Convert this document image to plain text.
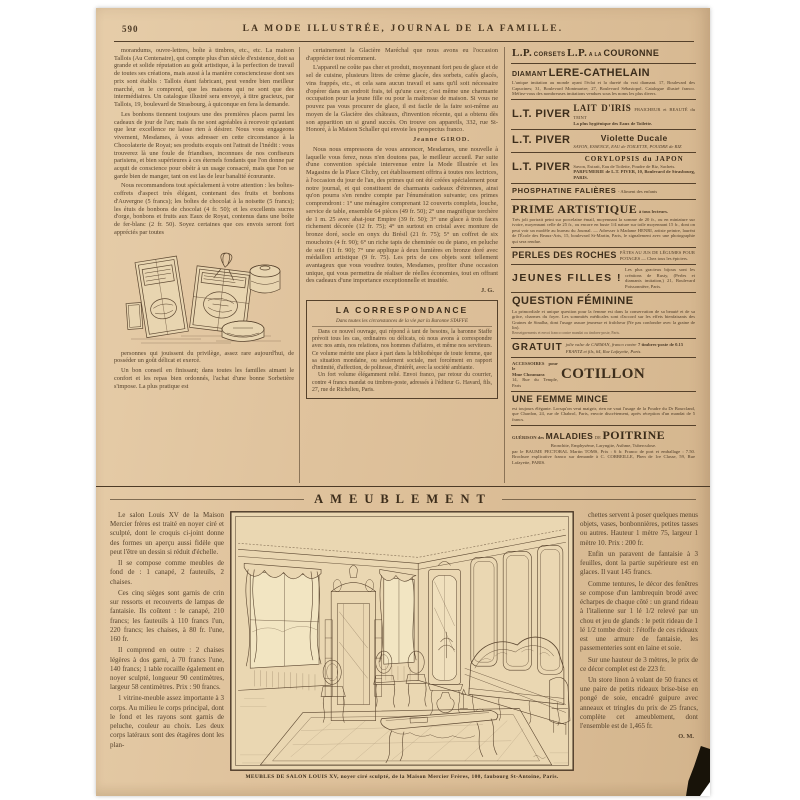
590	LA MODE ILLUSTRÉE, JOURNAL DE LA FAMILLE.

morandums, ouvre-lettres, boîte à timbres, etc., etc. La maison Tallois (Au Centenaire), qui compte plus d'un siècle d'existence, doit sa grande et solide réputation au goût artistique, à la perfection de travail de toutes ses créations, mais aussi à la manière consciencieuse dont ses prix sont établis : Tallois étant fabricant, peut vendre bien meilleur marché, on le comprend, que les maisons qui ne sont que des intermédiaires. Un catalogue illustré sera envoyé, à titre gracieux, par Tallois, 19, boulevard de Strasbourg, à quiconque en fera la demande.

Les bonbons tiennent toujours une des premières places parmi les cadeaux de jour de l'an; mais ils ne sont agréables à recevoir qu'autant que leur excellence ne laisse rien à désirer. Nous vous engageons vivement, Mesdames, à vous adresser en cette circonstance à la Chocolaterie de Royat; ses produits exquis ont l'attrait de l'inédit : vous trouverez là une foule de friandises, inconnues de nos confiseurs parisiens, et bien supérieures à ces éternels fondants que l'on donne par acquit de conscience pour obéir à un usage consacré, mais que l'on se garde bien de manger, tant on est las de leur banalité écœurante.

Nous recommandons tout spécialement à votre attention : les boîtes-coffrets d'aspect très élégant, contenant des fruits et bonbons d'Auvergne (5 francs); les boîtes de chocolat à la noisette (5 francs); les étuis de bonbons de chocolat (4 fr. 50); et les excellents sucres d'orge, bonbons et fruits aux Eaux de Royat, contenus dans une boîte de fer-blanc (2 fr. 50). Soyez certaines que ces envois seront fort appréciés par toutes

personnes qui jouissent du privilège, assez rare aujourd'hui, de posséder un goût délicat et exercé.

Un bon conseil en finissant; dans toutes les familles aimant le confort et les repas bien ordonnés, l'achat d'une bonne Sorbetière s'impose. La plus pratique est

certainement la Glacière Maréchal que nous avons eu l'occasion d'apprécier tout récemment.

L'appareil ne coûte pas cher et produit, moyennant fort peu de glace et de sel de cuisine, plusieurs litres de crème glacée, des sorbets, cafés glacés, vins frappés, etc., et cela sans aucun travail et sans qu'il soit nécessaire d'opérer dans un endroit frais, tel qu'une cave; c'est même une charmante occupation pour la jeune fille ou pour la maîtresse de maison. Si vous ne pouvez pas vous procurer de glace, il est facile de la faire soi-même au moyen de la Glacière des châteaux, d'invention récente, qui a obtenu dès son apparition un si grand succès. On trouve ces appareils, 332, rue St-Honoré, à la Maison Schaller qui envoie les prospectus franco.

Jeanne GIROD.

Nous nous empressons de vous annoncer, Mesdames, une nouvelle à laquelle vous ferez, nous n'en doutons pas, le meilleur accueil. Par suite d'une convention spéciale intervenue entre la Mode Illustrée et les Magasins de la Place Clichy, cet établissement offrira à toutes nos lectrices, à l'occasion du jour de l'an, des primes qui ont été créées spécialement pour notre journal, et qui constituent de charmants cadeaux d'étrennes, ainsi qu'on pourra s'en rendre compte par l'énumération suivante; ces primes comprendront : 1° une ménagère comprenant 12 couverts complets, louche, service de table, ensemble 64 pièces (49 fr. 50); 2° une magnifique torchère de 1 m. 25 avec abat-jour Empire (39 fr. 50); 3° une glace à trois faces richement décorée (12 fr. 75); 4° un surtout en cristal avec monture de bronze doré, socle en onyx du Brésil (21 fr. 75); 5° un coffret de six mouchoirs (4 fr. 90); 6° un riche tapis de cheminée ou de piano, en peluche de soie (11 fr. 90); 7° une applique à deux lumières en bronze doré avec médaillon artistique (9 fr. 75). Les prix de ces objets sont tellement avantageux que vous voudrez toutes, Mesdames, profiter d'une occasion unique, qui vous permettra de réaliser de réelles économies, tout en offrant des cadeaux d'une importance exceptionnelle et inusitée.

J. G.

LA CORRESPONDANCE
Dans toutes les circonstances de la vie par la Baronne STAFFE

Dans ce nouvel ouvrage, qui répond à tant de besoins, la baronne Staffe prévoit tous les cas, ordinaires ou délicats, où nous avons à correspondre avec nos amis, nos relations, nos hommes d'affaires, et même nos serviteurs. Ce volume mérite une place à part dans la bibliothèque de toute femme, que sa situation mondaine, ou seulement sociale, met forcément en rapport d'intimité, d'affection, de politesse, d'intérêt, avec la société ambiante.

Un fort volume élégamment relié. Envoi franco, par retour du courrier, contre 4 francs mandat ou timbres-poste, adressés à l'éditeur G. Havard, fils, 27, rue de Richelieu, Paris.

L.P. CORSETS L.P. A LA COURONNE
DIAMANT LERE-CATHELAIN
L'unique imitation au monde ayant l'éclat et la dureté du vrai diamant. 17, Boulevard des Capucines; 31, Boulevard Montmartre; 27, Boulevard Sébastopol. Catalogue illustré franco. Méfiez-vous des nombreuses imitations vendues sous les noms les plus divers.
L.T. PIVER
LAIT D'IRIS FRAICHEUR et BEAUTÉ du TEINT
La plus hygiénique des Eaux de Toilette.
L.T. PIVER	Violette Ducale
SAVON, ESSENCE, EAU de TOILETTE, POUDRE de RIZ
L.T. PIVER
CORYLOPSIS du JAPON
Savon, Extrait, Eau de Toilette, Poudre de Riz, Sachets.
PARFUMERIE de L.T. PIVER, 10, Boulevard de Strasbourg, PARIS.
PHOSPHATINE FALIÈRES - Aliment des enfants
PRIME ARTISTIQUE à tous lecteurs.
Très joli portrait peint sur porcelaine émail, moyennant la somme de 20 fr., ou en miniature sur ivoire, moyennant celle de 25 fr., ou encore en buste 1/4 nature sur toile moyennant 15 fr., dont on peut voir un modèle au bureau du Journal. — Adresser à Madame HENRI, artiste peintre, lauréat de l'École des Beaux-Arts, 15, boulevard St-Martin, Paris, le signalement avec une photographie qui sera rendue.
PERLES DES ROCHES PÂTES AU JUS DE LÉGUMES POUR POTAGES — Chez tous les épiciers.
JEUNES FILLES !
Les plus gracieux bijoux sont les créations de Rusty, (Perles et diamants imitation,) 21, Boulevard Poissonnière, Paris.
QUESTION FÉMININE
La primordiale et unique question pour la femme est dans la conservation de sa beauté et de sa grâce, charmes du foyer. Les sommités médicales sont d'accord sur les effets bienfaisants des Graines de Sinalba, dont l'usage assure jeunesse et fraîcheur (Ne pas confondre avec la graine de lin).
Renseignements et envoi franco contre mandat ou timbres-poste, Paris.
GRATUIT jolie valse de CARMAN, franco contre 7 timbres-poste de 0.15
FRANTZ et fils, 64, Rue Lafayette, Paris.
ACCESSOIRES pour le
Mme Choumara
14, Rue du Temple, Paris
COTILLON
UNE FEMME MINCE
est toujours élégante. Lorsqu'on veut maigrir, rien ne vaut l'usage de la Poudre du Dr Bourcland, que Chardon, 24, rue de Chabrol, Paris, envoie discrètement, après réception d'un mandat de 5 francs.
GUÉRISON des MALADIES DE POITRINE
Bronchite, Emphysème, Laryngite, Asthme, Tuberculose.
par le BAUME PECTORAL Martin TOMS, Prix : 6 fr. Franco de port et emballage : 7.50. Brochure explicative franco sur demande à C. CORBEILLE, Phen de 1re Classe, 59, Rue Lafayette, PARIS.
AMEUBLEMENT

Le salon Louis XV de la Maison Mercier frères est traité en noyer ciré et sculpté, dont le croquis ci-joint donne des formes un aperçu aussi fidèle que peut l'être un dessin si réduit d'échelle.

Il se compose comme meubles de fond de : 1 canapé, 2 fauteuils, 2 chaises.

Ces cinq sièges sont garnis de crin sur ressorts et recouverts de lampas de fantaisie. Ils coûtent : le canapé, 210 francs; les fauteuils à 110 francs l'un, 220 francs; les chaises, à 80 fr. l'une, 160 fr.

Il comprend en outre : 2 chaises légères à dos garni, à 70 francs l'une, 140 francs; 1 table rocaille également en noyer sculpté, longueur 90 centimètres, largeur 58 centimètres. Prix : 90 francs.

1 vitrine-meuble assez importante à 3 corps. Au milieu le corps principal, dont le fond et les rayons sont garnis de peluche, couleur au choix. Les deux corps latéraux sont des étagères dont les plan-

MEUBLES DE SALON LOUIS XV, noyer ciré sculpté, de la Maison Mercier Frères, 100, faubourg St-Antoine, Paris.

chettes servent à poser quelques menus objets, vases, bonbonnières, petites tasses ou autres. Hauteur 1 mètre 75, largeur 1 mètre 10. Prix : 200 fr.

Enfin un paravent de fantaisie à 3 feuilles, dont la partie supérieure est en glaces. Il vaut 145 francs.

Comme tentures, le décor des fenêtres se compose d'un lambrequin brodé avec écharpes de chaque côté : un grand rideau à l'italienne sur 1 lé 1/2 relevé par un chou et jeu de glands : le petit rideau de 1 lé 1/2 tombe droit : l'étoffe de ces rideaux est une armure de fantaisie, les passementeries sont en laine et soie.

Sur une hauteur de 3 mètres, le prix de ce décor complet est de 223 fr.

Un store linon à volant de 50 francs et une paire de petits rideaux brise-bise en pongé de soie, encadré guipure avec anneaux et tringles du prix de 25 francs, complète cet ameublement, dont l'ensemble est de 1,465 fr.

O. M.
